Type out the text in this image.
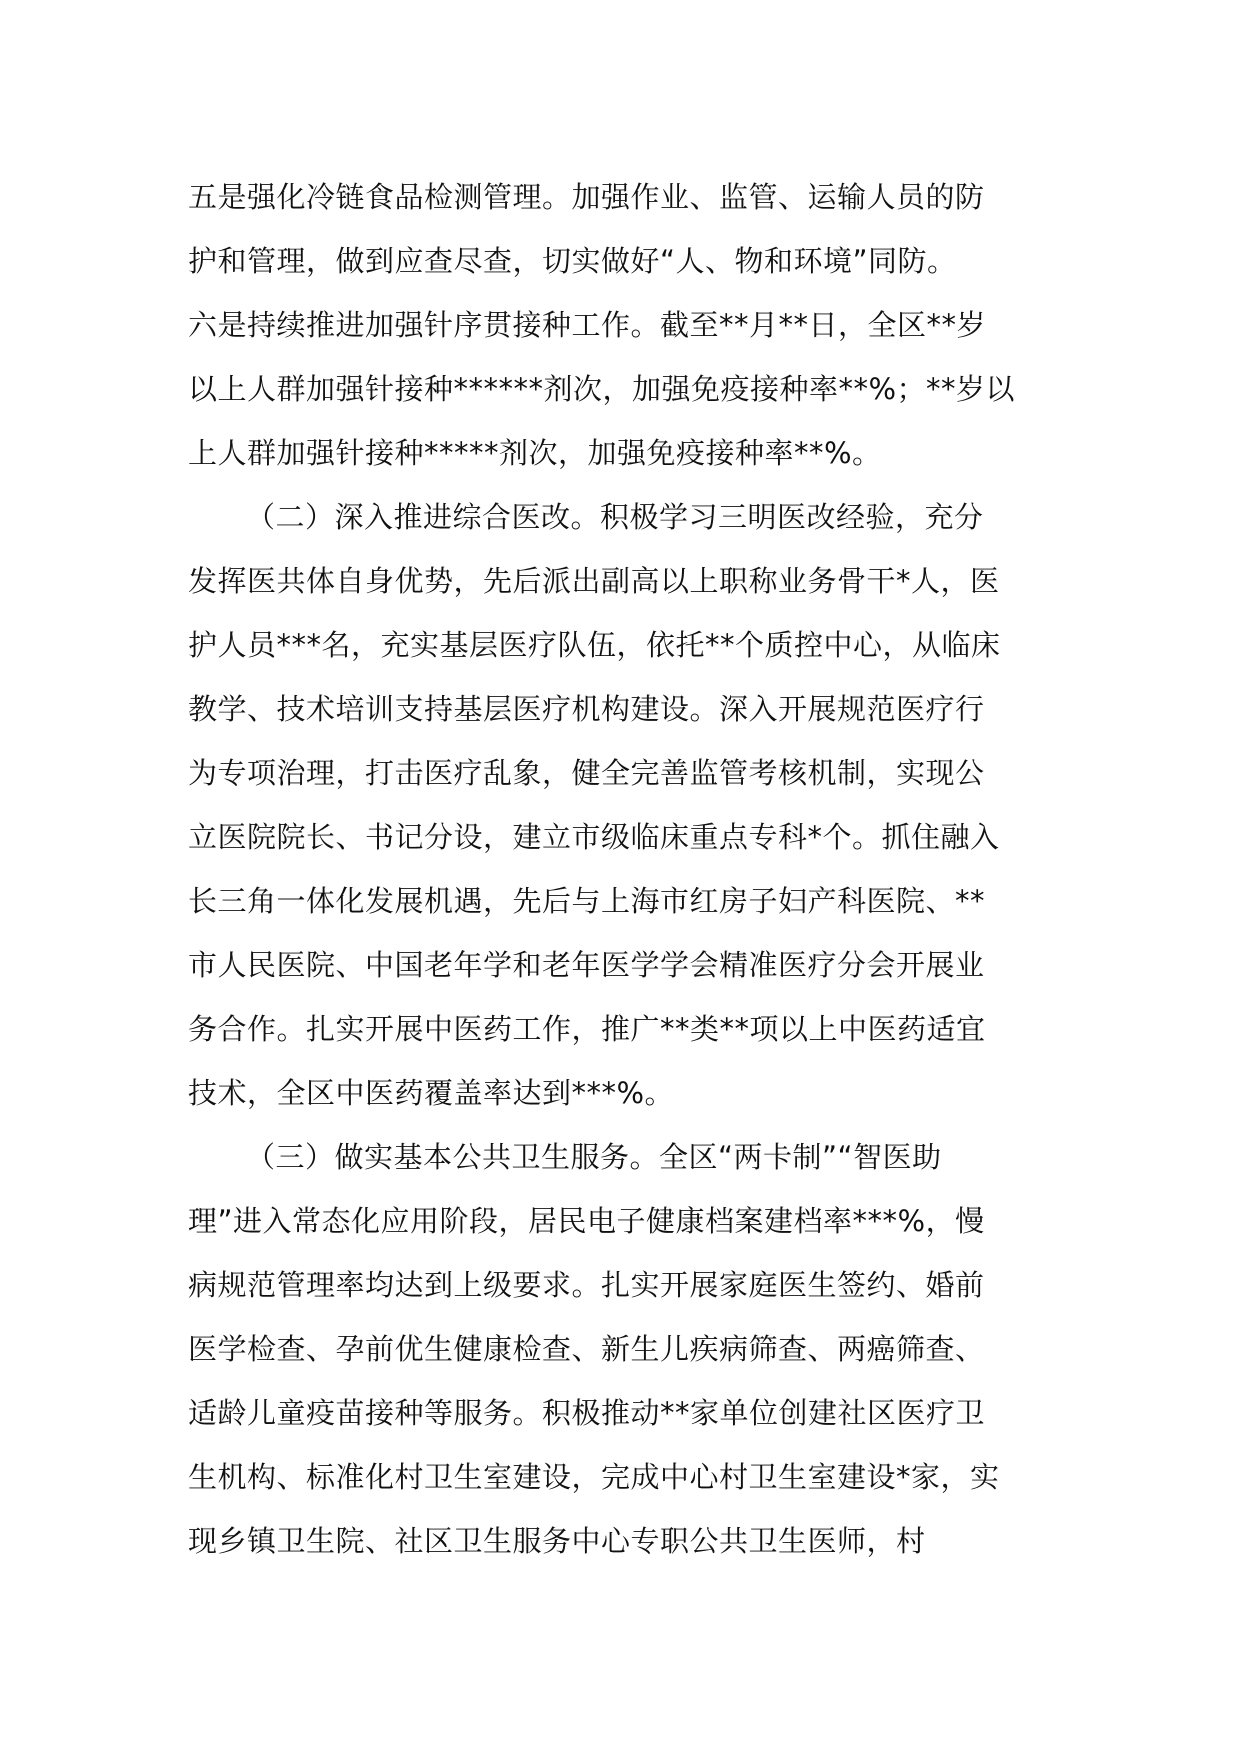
五是强化冷链食品检测管理。加强作业、监管、运输人员的防
护和管理，做到应查尽查，切实做好“人、物和环境”同防。
六是持续推进加强针序贯接种工作。截至**月**日，全区**岁
以上人群加强针接种******剂次，加强免疫接种率**%；**岁以
上人群加强针接种*****剂次，加强免疫接种率**%。
（二）深入推进综合医改。积极学习三明医改经验，充分
发挥医共体自身优势，先后派出副高以上职称业务骨干*人，医
护人员***名，充实基层医疗队伍，依托**个质控中心，从临床
教学、技术培训支持基层医疗机构建设。深入开展规范医疗行
为专项治理，打击医疗乱象，健全完善监管考核机制，实现公
立医院院长、书记分设，建立市级临床重点专科*个。抓住融入
长三角一体化发展机遇，先后与上海市红房子妇产科医院、**
市人民医院、中国老年学和老年医学学会精准医疗分会开展业
务合作。扎实开展中医药工作，推广**类**项以上中医药适宜
技术，全区中医药覆盖率达到***%。
（三）做实基本公共卫生服务。全区“两卡制”“智医助
理”进入常态化应用阶段，居民电子健康档案建档率***%，慢
病规范管理率均达到上级要求。扎实开展家庭医生签约、婚前
医学检查、孕前优生健康检查、新生儿疾病筛查、两癌筛查、
适龄儿童疫苗接种等服务。积极推动**家单位创建社区医疗卫
生机构、标准化村卫生室建设，完成中心村卫生室建设*家，实
现乡镇卫生院、社区卫生服务中心专职公共卫生医师，村
